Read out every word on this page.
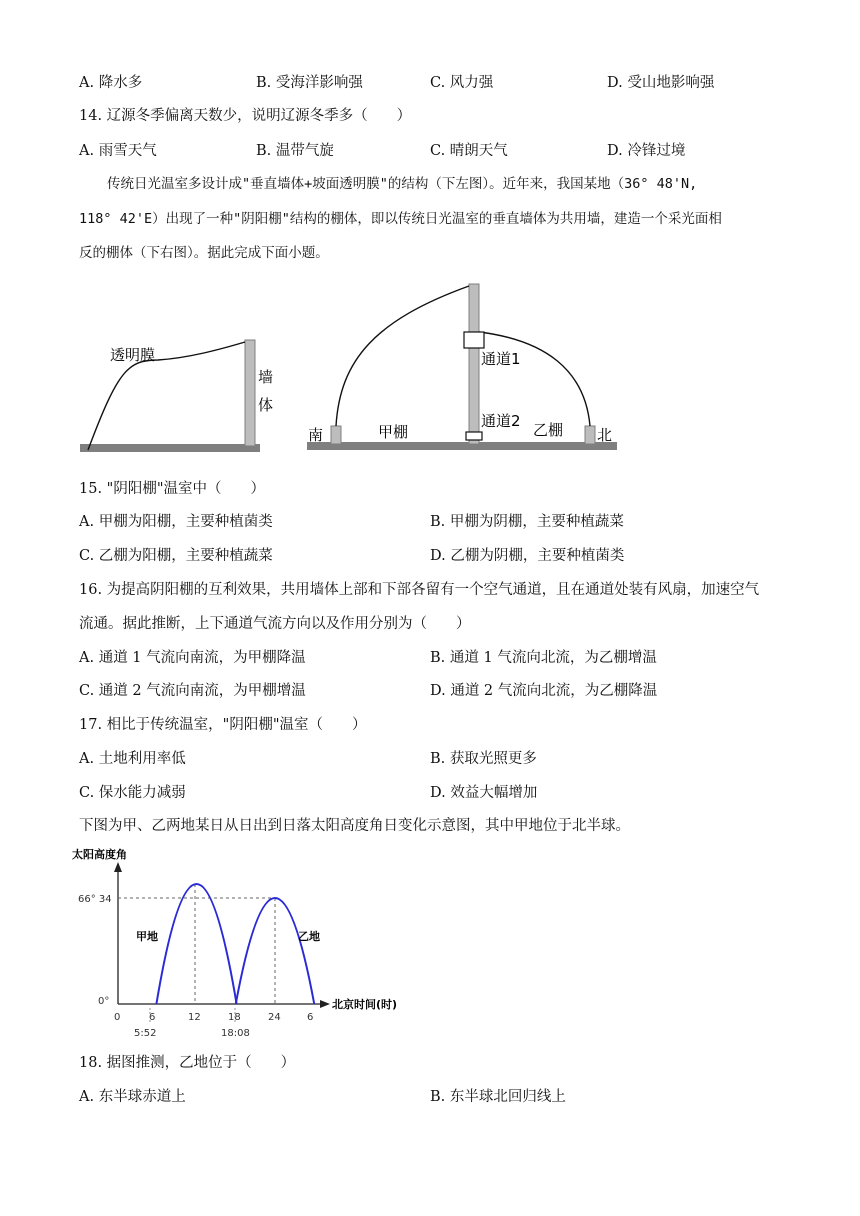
A. 降水多	B. 受海洋影响强	C. 风力强	D. 受山地影响强
14. 辽源冬季偏离天数少，说明辽源冬季多（　　）
A. 雨雪天气	B. 温带气旋	C. 晴朗天气	D. 冷锋过境
传统日光温室多设计成"垂直墙体+坡面透明膜"的结构（下左图）。近年来，我国某地（36° 48'N,
118° 42'E）出现了一种"阴阳棚"结构的棚体，即以传统日光温室的垂直墙体为共用墙，建造一个采光面相
反的棚体（下右图）。据此完成下面小题。
透明膜
墙
体
南	甲棚	乙棚 北
通道1
通道2
15. "阴阳棚"温室中（　　）
A. 甲棚为阳棚，主要种植菌类	B. 甲棚为阴棚，主要种植蔬菜
C. 乙棚为阳棚，主要种植蔬菜	D. 乙棚为阴棚，主要种植菌类
16. 为提高阴阳棚的互利效果，共用墙体上部和下部各留有一个空气通道，且在通道处装有风扇，加速空气
流通。据此推断，上下通道气流方向以及作用分别为（　　）
A. 通道 1 气流向南流，为甲棚降温	B. 通道 1 气流向北流，为乙棚增温
C. 通道 2 气流向南流，为甲棚增温	D. 通道 2 气流向北流，为乙棚降温
17. 相比于传统温室，"阴阳棚"温室（　　）
A. 土地利用率低	B. 获取光照更多
C. 保水能力减弱	D. 效益大幅增加
下图为甲、乙两地某日从日出到日落太阳高度角日变化示意图，其中甲地位于北半球。
太阳高度角
北京时间(时)
66° 34
0°
甲地	乙地
0	6	12	18	24	6
5:52	18:08
18. 据图推测，乙地位于（　　）
A. 东半球赤道上	B. 东半球北回归线上
